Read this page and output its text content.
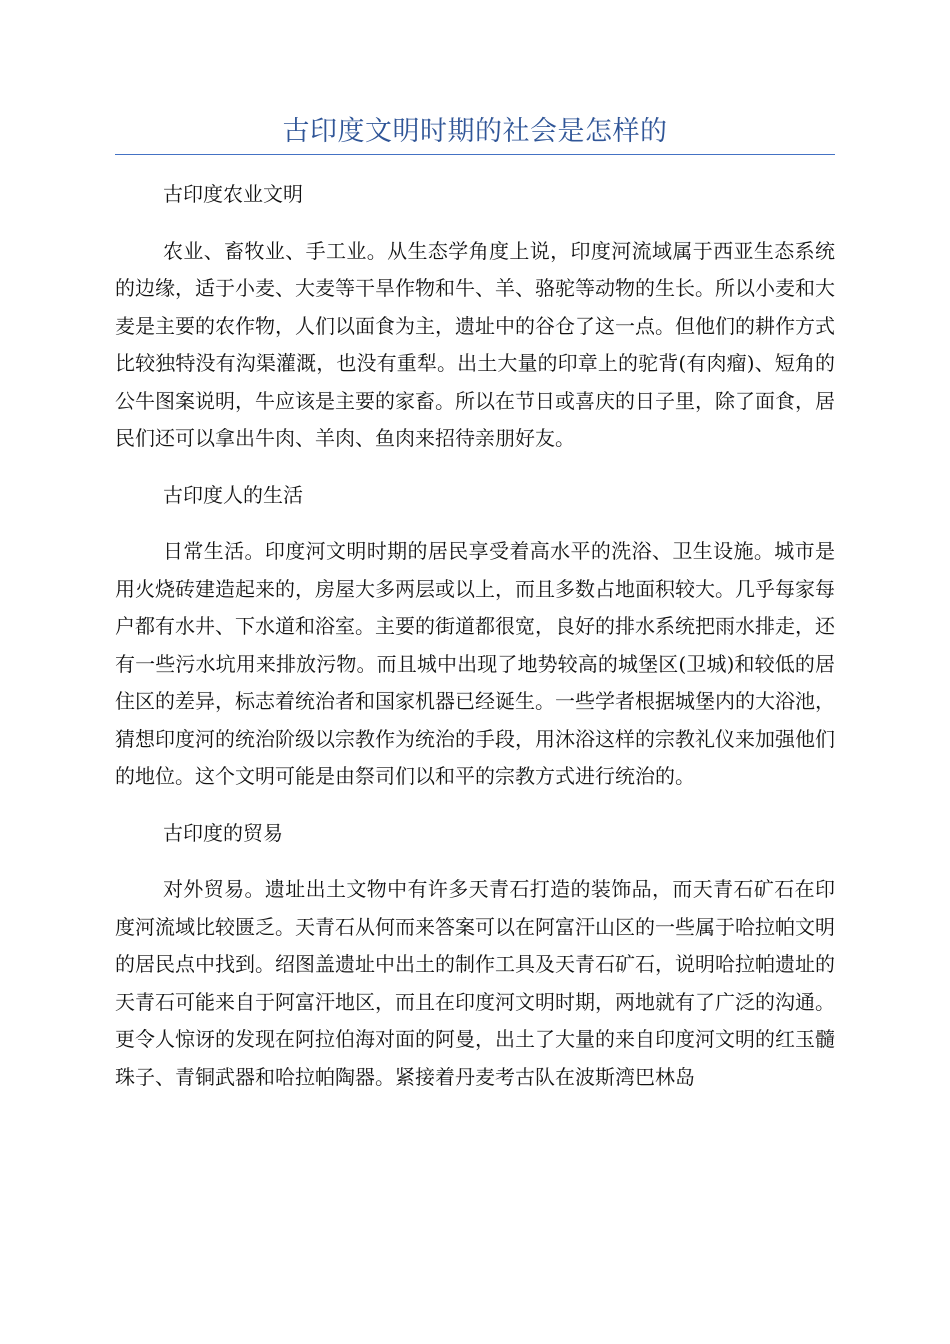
古印度文明时期的社会是怎样的

古印度农业文明

农业、畜牧业、手工业。从生态学角度上说，印度河流域属于西亚生态系统的边缘，适于小麦、大麦等干旱作物和牛、羊、骆驼等动物的生长。所以小麦和大麦是主要的农作物，人们以面食为主，遗址中的谷仓了这一点。但他们的耕作方式比较独特没有沟渠灌溉，也没有重犁。出土大量的印章上的驼背(有肉瘤)、短角的公牛图案说明，牛应该是主要的家畜。所以在节日或喜庆的日子里，除了面食，居民们还可以拿出牛肉、羊肉、鱼肉来招待亲朋好友。

古印度人的生活

日常生活。印度河文明时期的居民享受着高水平的洗浴、卫生设施。城市是用火烧砖建造起来的，房屋大多两层或以上，而且多数占地面积较大。几乎每家每户都有水井、下水道和浴室。主要的街道都很宽，良好的排水系统把雨水排走，还有一些污水坑用来排放污物。而且城中出现了地势较高的城堡区(卫城)和较低的居住区的差异，标志着统治者和国家机器已经诞生。一些学者根据城堡内的大浴池，猜想印度河的统治阶级以宗教作为统治的手段，用沐浴这样的宗教礼仪来加强他们的地位。这个文明可能是由祭司们以和平的宗教方式进行统治的。

古印度的贸易

对外贸易。遗址出土文物中有许多天青石打造的装饰品，而天青石矿石在印度河流域比较匮乏。天青石从何而来答案可以在阿富汗山区的一些属于哈拉帕文明的居民点中找到。绍图盖遗址中出土的制作工具及天青石矿石，说明哈拉帕遗址的天青石可能来自于阿富汗地区，而且在印度河文明时期，两地就有了广泛的沟通。更令人惊讶的发现在阿拉伯海对面的阿曼，出土了大量的来自印度河文明的红玉髓珠子、青铜武器和哈拉帕陶器。紧接着丹麦考古队在波斯湾巴林岛
